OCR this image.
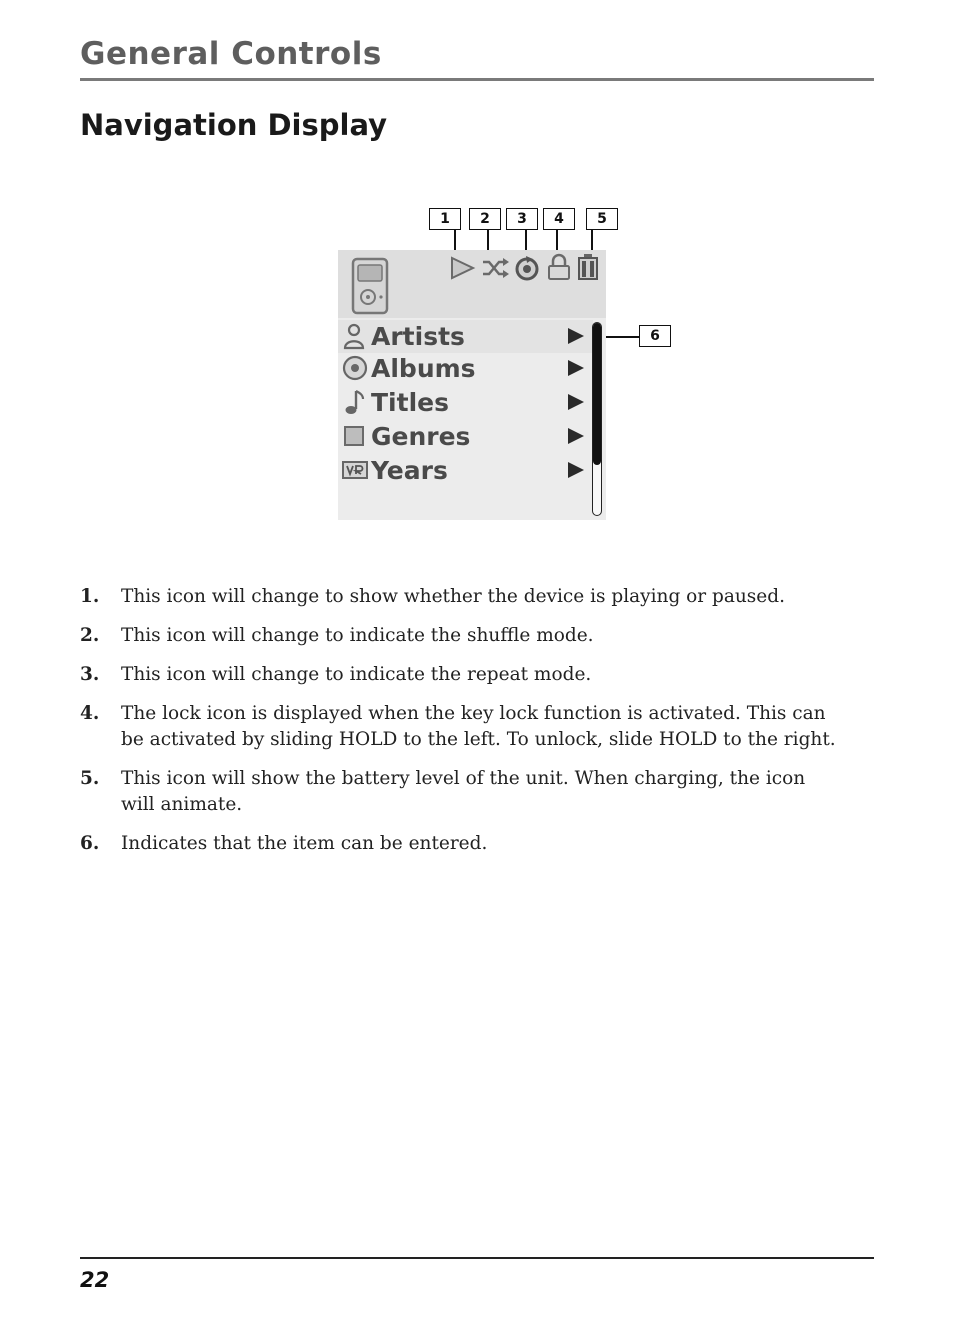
General Controls
Navigation Display
1	2	3	4	5
6
Artists
Albums
Titles
Genres
Years
1. This icon will change to show whether the device is playing or paused.
2. This icon will change to indicate the shuffle mode.
3. This icon will change to indicate the repeat mode.
4. The lock icon is displayed when the key lock function is activated. This can be activated by sliding HOLD to the left. To unlock, slide HOLD to the right.
5. This icon will show the battery level of the unit. When charging, the icon will animate.
6. Indicates that the item can be entered.
22
